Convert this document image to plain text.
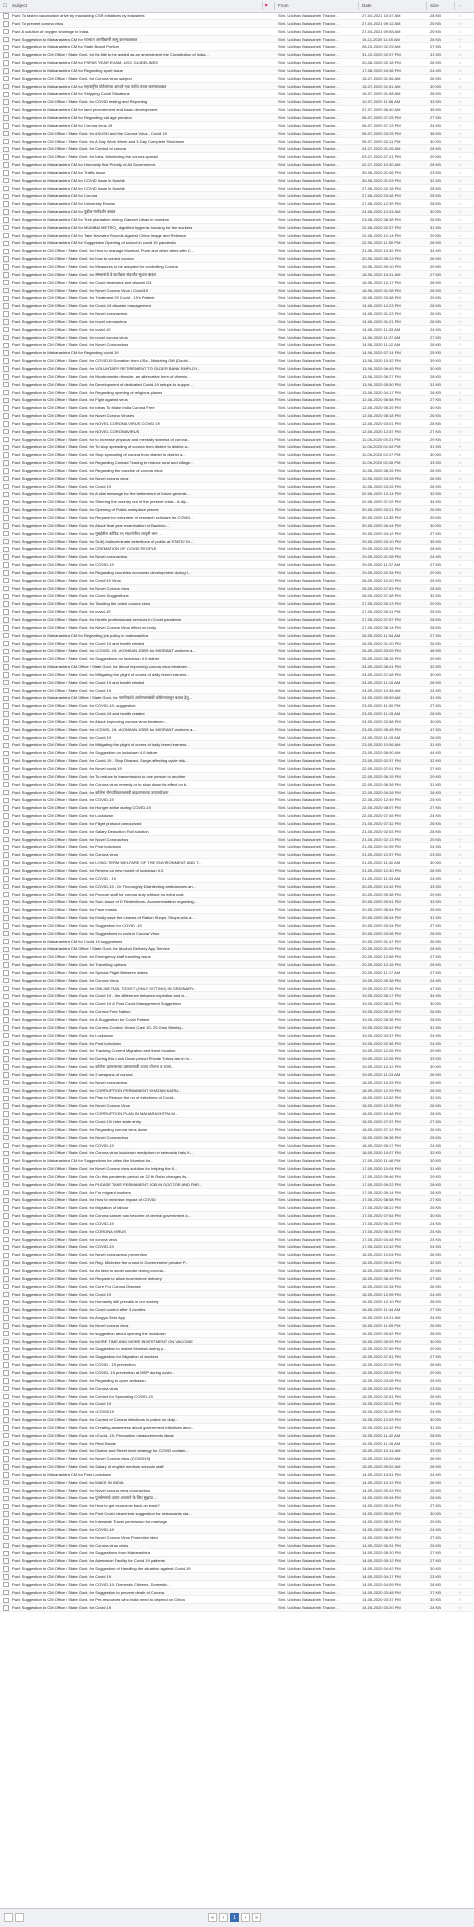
☐ Subject	⚑ From	Date	Size	☆
Fwd: To fasten vaccination drive by mandating CSR initiatives by industries	Shri. Uddhav Balasaheb Thacke...	27-04-2021 10:47 AM	28 KB	☆
Fwd: To prevent corona virus	Shri. Uddhav Balasaheb Thacke...	27-04-2021 09:12 AM	25 KB	☆
Fwd: A solution of oxygen shortage in India.	Shri. Uddhav Balasaheb Thacke...	27-04-2021 09:58 AM	29 KB	☆
Fwd: Suggestion to Maharashtra CM for राज्यात आणीबाणी लागू करण्याबाबत	Shri. Uddhav Balasaheb Thacke...	15-11-2020 11:45 AM	28 KB	☆
Fwd: Suggestion to Maharashtra CM for State Board Portion	Shri. Uddhav Balasaheb Thacke...	28-10-2020 02:29 AM	27 KB	☆
Fwd: Suggestion to CM Office / State Govt. for Its title to be added as an amendment the Constitution of India...	Shri. Uddhav Balasaheb Thacke...	31-10-2020 02:07 PM	31 KB	☆
Fwd: Suggestion to Maharashtra CM for FSPAS YEAR EXAM- UGC GUIDELINES	Shri. Uddhav Balasaheb Thacke...	20-08-2020 02:18 PM	28 KB	☆
Fwd: Suggestion to Maharashtra CM for Regarding sport issue	Shri. Uddhav Balasaheb Thacke...	17-08-2020 04:36 PM	24 KB	☆
Fwd: Suggestion to CM Office / State Govt. for Corona virus subject	Shri. Uddhav Balasaheb Thacke...	15-07-2020 01:56 AM	26 KB	☆
Fwd: Suggestion to Maharashtra CM for महाराष्ट्रीय पोर्टलांच्या आधारे एक पर्याय तयार करण्याबाबत	Shri. Uddhav Balasaheb Thacke...	15-07-2020 01:51 AM	30 KB	☆
Fwd: Suggestion to Maharashtra CM for Shipping Covid Situations	Shri. Uddhav Balasaheb Thacke...	15-07-2020 01:58 AM	28 KB	☆
Fwd: Suggestion to CM Office / State Govt. for COVID testing and Reporting	Shri. Uddhav Balasaheb Thacke...	10-07-2020 11:56 AM	33 KB	☆
Fwd: Suggestion to Maharashtra CM for land procurement and basic development	Shri. Uddhav Balasaheb Thacke...	07-07-2020 06:40 AM	35 KB	☆
Fwd: Suggestion to Maharashtra CM for Regarding old age pension	Shri. Uddhav Balasaheb Thacke...	06-07-2020 07:25 PM	27 KB	☆
Fwd: Suggestion to Maharashtra CM for Corona virus 19	Shri. Uddhav Balasaheb Thacke...	06-07-2020 07:13 PM	24 KB	☆
Fwd: Suggestion to CM Office / State Govt. for #XUSH and the Corona Virus - Covid 19	Shri. Uddhav Balasaheb Thacke...	05-07-2020 03:25 PM	38 KB	☆
Fwd: Suggestion to CM Office / State Govt. for A Day Work Week and 3-Day Complete Shutdown	Shri. Uddhav Balasaheb Thacke...	05-07-2020 02:11 PM	30 KB	☆
Fwd: Suggestion to CM Office / State Govt. for Control of corona	Shri. Uddhav Balasaheb Thacke...	04-07-2020 01:26 AM	28 KB	☆
Fwd: Suggestion to CM Office / State Govt. for Idea- Minimizing the corona spread	Shri. Uddhav Balasaheb Thacke...	03-07-2020 07:21 PM	29 KB	☆
Fwd: Suggestion to Maharashtra CM for Humanity first Priority of All Government.	Shri. Uddhav Balasaheb Thacke...	02-07-2020 10:30 AM	28 KB	☆
Fwd: Suggestion to Maharashtra CM for Traffic issue	Shri. Uddhav Balasaheb Thacke...	30-06-2020 01:06 PM	23 KB	☆
Fwd: Suggestion to Maharashtra CM for COVID issue in Nashik	Shri. Uddhav Balasaheb Thacke...	30-06-2020 01:03 PM	32 KB	☆
Fwd: Suggestion to Maharashtra CM for COVID issue in Nashik	Shri. Uddhav Balasaheb Thacke...	27-06-2020 02:18 PM	28 KB	☆
Fwd: Suggestion to Maharashtra CM for Corona	Shri. Uddhav Balasaheb Thacke...	27-06-2020 03:46 PM	25 KB	☆
Fwd: Suggestion to Maharashtra CM for University Exams	Shri. Uddhav Balasaheb Thacke...	27-06-2020 12:39 PM	28 KB	☆
Fwd: Suggestion to Maharashtra CM for पुढील मार्गदर्शन बाबत	Shri. Uddhav Balasaheb Thacke...	24-06-2020 12:44 AM	30 KB	☆
Fwd: Suggestion to Maharashtra CM for Tree plantation during Ganesh Utsav in mumbai	Shri. Uddhav Balasaheb Thacke...	23-06-2020 08:38 PM	26 KB	☆
Fwd: Suggestion to Maharashtra CM for MUMBAI METRO_ dignified hygienic housing for the workers	Shri. Uddhav Balasaheb Thacke...	22-06-2020 02:37 PM	31 KB	☆
Fwd: Suggestion to Maharashtra CM for Take Navratra Rounds Against China Image and Reliance	Shri. Uddhav Balasaheb Thacke...	22-06-2020 12:14 PM	29 KB	☆
Fwd: Suggestion to Maharashtra CM for Suggestion Opening of school in covid 19 pandemic	Shri. Uddhav Balasaheb Thacke...	22-06-2020 11:50 PM	28 KB	☆
Fwd: Suggestion to CM Office / State Govt. for How to manage Mumbai, Pune and other cities with C...	Shri. Uddhav Balasaheb Thacke...	21-06-2020 10:32 PM	34 KB	☆
Fwd: Suggestion to CM Office / State Govt. for how to control corona	Shri. Uddhav Balasaheb Thacke...	20-06-2020 09:13 PM	26 KB	☆
Fwd: Suggestion to CM Office / State Govt. for Measures to be adopted for controlling Corona	Shri. Uddhav Balasaheb Thacke...	19-06-2020 09:10 PM	29 KB	☆
Fwd: Suggestion to CM Office / State Govt. for संस्थानांचे वे कार्यक्रम संदर्भात सूचना बाबत	Shri. Uddhav Balasaheb Thacke...	18-06-2020 10:41 AM	27 KB	☆
Fwd: Suggestion to CM Office / State Govt. for Covid treatment and vitamin D3	Shri. Uddhav Balasaheb Thacke...	16-06-2020 12:17 PM	28 KB	☆
Fwd: Suggestion to CM Office / State Govt. for Novel Corona Virus / Covid19	Shri. Uddhav Balasaheb Thacke...	16-06-2020 01:08 PM	28 KB	☆
Fwd: Suggestion to CM Office / State Govt. for Treatment Of Covid - 19's Patient	Shri. Uddhav Balasaheb Thacke...	15-06-2020 03:38 PM	29 KB	☆
Fwd: Suggestion to CM Office / State Govt. for Covid-19 disaster management	Shri. Uddhav Balasaheb Thacke...	14-06-2020 12:23 PM	28 KB	☆
Fwd: Suggestion to CM Office / State Govt. for Novel coronavirus	Shri. Uddhav Balasaheb Thacke...	14-06-2020 01:23 PM	26 KB	☆
Fwd: Suggestion to CM Office / State Govt. for novel coronavirus	Shri. Uddhav Balasaheb Thacke...	14-06-2020 01:21 PM	26 KB	☆
Fwd: Suggestion to CM Office / State Govt. for covid-19	Shri. Uddhav Balasaheb Thacke...	14-06-2020 11:33 AM	24 KB	☆
Fwd: Suggestion to CM Office / State Govt. for novel corona virus	Shri. Uddhav Balasaheb Thacke...	14-06-2020 11:27 AM	27 KB	☆
Fwd: Suggestion to CM Office / State Govt. for Novel Coronavirus	Shri. Uddhav Balasaheb Thacke...	14-06-2020 11:12 AM	28 KB	☆
Fwd: Suggestion to Maharashtra CM for Regarding covid 19	Shri. Uddhav Balasaheb Thacke...	14-06-2020 07:14 PM	25 KB	☆
Fwd: Suggestion to CM Office / State Govt. for COVID19 Donation from USa - Matching Gift (Doubl...	Shri. Uddhav Balasaheb Thacke...	13-06-2020 10:32 PM	39 KB	☆
Fwd: Suggestion to CM Office / State Govt. for VOLUNTARY RETIREMENT TO OLDER BANK EMPLOY...	Shri. Uddhav Balasaheb Thacke...	13-06-2020 06:49 PM	30 KB	☆
Fwd: Suggestion to CM Office / State Govt. for Nicotinamide riboside, an alternative form of vitamin...	Shri. Uddhav Balasaheb Thacke...	13-06-2020 06:27 PM	28 KB	☆
Fwd: Suggestion to CM Office / State Govt. for Development of dedicated Covid-19 setups to suppor...	Shri. Uddhav Balasaheb Thacke...	13-06-2020 05:50 PM	31 KB	☆
Fwd: Suggestion to CM Office / State Govt. for Regarding opening of religious places	Shri. Uddhav Balasaheb Thacke...	13-06-2020 04:17 PM	26 KB	☆
Fwd: Suggestion to CM Office / State Govt. for Fight against virus	Shri. Uddhav Balasaheb Thacke...	12-06-2020 06:58 PM	27 KB	☆
Fwd: Suggestion to CM Office / State Govt. for Ideas To Make India Corona Free	Shri. Uddhav Balasaheb Thacke...	12-06-2020 06:25 PM	30 KB	☆
Fwd: Suggestion to CM Office / State Govt. for Novel Corona Viruses	Shri. Uddhav Balasaheb Thacke...	12-06-2020 08:18 PM	26 KB	☆
Fwd: Suggestion to CM Office / State Govt. for NOVEL CORONA VIRUS COVID 19	Shri. Uddhav Balasaheb Thacke...	12-06-2020 03:01 PM	28 KB	☆
Fwd: Suggestion to CM Office / State Govt. for NOVEL CORONAVIRUS	Shri. Uddhav Balasaheb Thacke...	12-06-2020 12:37 PM	27 KB	☆
Fwd: Suggestion to CM Office / State Govt. for to increase physical and mentally stamina of corona...	Shri. Uddhav Balasaheb Thacke...	11-06-2020 05:21 PM	29 KB	☆
Fwd: Suggestion to CM Office / State Govt. for To stop spreading of corona from district to district a...	Shri. Uddhav Balasaheb Thacke...	11-06-2020 04:34 PM	31 KB	☆
Fwd: Suggestion to CM Office / State Govt. for Stop spreading of corona from district to district a...	Shri. Uddhav Balasaheb Thacke...	11-06-2020 04:17 PM	30 KB	☆
Fwd: Suggestion to CM Office / State Govt. for Regarding Contact Tracing to reduce rural and village...	Shri. Uddhav Balasaheb Thacke...	11-06-2020 02:26 PM	33 KB	☆
Fwd: Suggestion to CM Office / State Govt. for Regarding the vaccine of corona virus	Shri. Uddhav Balasaheb Thacke...	10-06-2020 08:26 PM	28 KB	☆
Fwd: Suggestion to CM Office / State Govt. for Novel corona virus	Shri. Uddhav Balasaheb Thacke...	10-06-2020 04:28 PM	26 KB	☆
Fwd: Suggestion to CM Office / State Govt. for Covid 19	Shri. Uddhav Balasaheb Thacke...	10-06-2020 03:26 PM	28 KB	☆
Fwd: Suggestion to CM Office / State Govt. for A vital message for the betterment of future generat...	Shri. Uddhav Balasaheb Thacke...	02-06-2020 12:14 PM	32 KB	☆
Fwd: Suggestion to CM Office / State Govt. for Steering the country out of the present crisis - A dip...	Shri. Uddhav Balasaheb Thacke...	02-06-2020 07:02 PM	34 KB	☆
Fwd: Suggestion to CM Office / State Govt. for Opening of Public workplace places	Shri. Uddhav Balasaheb Thacke...	30-05-2020 03:21 PM	26 KB	☆
Fwd: Suggestion to CM Office / State Govt. for Request for volunteer of research scholars for COVID...	Shri. Uddhav Balasaheb Thacke...	30-05-2020 12:35 PM	29 KB	☆
Fwd: Suggestion to CM Office / State Govt. for About final year examination of Bachelo...	Shri. Uddhav Balasaheb Thacke...	30-05-2020 06:44 PM	30 KB	☆
Fwd: Suggestion to CM Office / State Govt. for मुंबईतील कोविड १९ संदर्भातील जागृती भाग ...	Shri. Uddhav Balasaheb Thacke...	29-05-2020 04:12 PM	27 KB	☆
Fwd: Suggestion to CM Office / State Govt. for SUb) Indiscriminate detentions of public at STATE/ DI...	Shri. Uddhav Balasaheb Thacke...	29-05-2020 03:10 PM	35 KB	☆
Fwd: Suggestion to CM Office / State Govt. for CREMATION OF COVID PEOPLE	Shri. Uddhav Balasaheb Thacke...	29-05-2020 02:26 PM	28 KB	☆
Fwd: Suggestion to CM Office / State Govt. for Novel coronavirus	Shri. Uddhav Balasaheb Thacke...	29-05-2020 01:08 PM	24 KB	☆
Fwd: Suggestion to CM Office / State Govt. for COVID-19	Shri. Uddhav Balasaheb Thacke...	29-05-2020 11:37 AM	27 KB	☆
Fwd: Suggestion to CM Office / State Govt. for Regarding countries economic development during t...	Shri. Uddhav Balasaheb Thacke...	29-05-2020 02:34 PM	29 KB	☆
Fwd: Suggestion to CM Office / State Govt. for Covid'19 Virus	Shri. Uddhav Balasaheb Thacke...	28-05-2020 10:20 PM	25 KB	☆
Fwd: Suggestion to CM Office / State Govt. for Novel Corona virus	Shri. Uddhav Balasaheb Thacke...	28-05-2020 07:53 PM	28 KB	☆
Fwd: Suggestion to CM Office / State Govt. for Covid Suggestions	Shri. Uddhav Balasaheb Thacke...	28-05-2020 07:48 PM	32 KB	☆
Fwd: Suggestion to CM Office / State Govt. for Tackling the nobel corona virus	Shri. Uddhav Balasaheb Thacke...	27-05-2020 09:13 PM	29 KB	☆
Fwd: Suggestion to CM Office / State Govt. for covid-19	Shri. Uddhav Balasaheb Thacke...	27-05-2020 09:11 PM	25 KB	☆
Fwd: Suggestion to CM Office / State Govt. for Health professionals services in Covid pandemic	Shri. Uddhav Balasaheb Thacke...	27-05-2020 07:57 PM	28 KB	☆
Fwd: Suggestion to CM Office / State Govt. for Novel Corona Virus effect on body	Shri. Uddhav Balasaheb Thacke...	27-05-2020 06:14 PM	28 KB	☆
Fwd: Suggestion to Maharashtra CM for Regarding job policy in maharashtra	Shri. Uddhav Balasaheb Thacke...	26-05-2020 11:54 AM	27 KB	☆
Fwd: Suggestion to CM Office / State Govt. for Covid 19 and health related	Shri. Uddhav Balasaheb Thacke...	26-05-2020 01:20 PM	26 KB	☆
Fwd: Suggestion to CM Office / State Govt. for •COVID- 19- •KONKAN JOBS for MIGRANT workers a...	Shri. Uddhav Balasaheb Thacke...	26-05-2020 03:09 PM	48 KB	☆
Fwd: Suggestion to CM Office / State Govt. for Suggestions on lockdown 4.0 failure	Shri. Uddhav Balasaheb Thacke...	25-05-2020 08:16 PM	29 KB	☆
Fwd: Suggestion to Maharashtra CM Office / State Govt. for About improving corona virus treatmen...	Shri. Uddhav Balasaheb Thacke...	24-05-2020 08:41 PM	32 KB	☆
Fwd: Suggestion to CM Office / State Govt. for Mitigating the plight of crores of daily breed earners...	Shri. Uddhav Balasaheb Thacke...	24-05-2020 07:48 PM	30 KB	☆
Fwd: Suggestion to CM Office / State Govt. for Covid 19 and health related	Shri. Uddhav Balasaheb Thacke...	24-05-2020 11:15 AM	28 KB	☆
Fwd: Suggestion to CM Office / State Govt. for Covid 19	Shri. Uddhav Balasaheb Thacke...	24-05-2020 10:38 AM	24 KB	☆
Fwd: Suggestion to Maharashtra CM Office / State Govt. for नागरिकांचे आरोग्यासंबंधी कोरोनापासून बचाव हेतू...	Shri. Uddhav Balasaheb Thacke...	24-05-2020 09:59 AM	31 KB	☆
Fwd: Suggestion to CM Office / State Govt. for COVID-19- suggestion	Shri. Uddhav Balasaheb Thacke...	23-05-2020 11:00 PM	27 KB	☆
Fwd: Suggestion to CM Office / State Govt. for Covid-19 and health related	Shri. Uddhav Balasaheb Thacke...	23-05-2020 11:15 AM	28 KB	☆
Fwd: Suggestion to CM Office / State Govt. for About improving corona virus treatmen...	Shri. Uddhav Balasaheb Thacke...	24-05-2020 02:58 PM	30 KB	☆
Fwd: Suggestion to CM Office / State Govt. for •COVID- 19- •KONKAN JOBS for MIGRANT workers a...	Shri. Uddhav Balasaheb Thacke...	23-05-2020 05:45 PM	47 KB	☆
Fwd: Suggestion to CM Office / State Govt. for Covid 19	Shri. Uddhav Balasaheb Thacke...	24-05-2020 11:15 AM	26 KB	☆
Fwd: Suggestion to CM Office / State Govt. for Mitigating the plight of crores of daily breed earners...	Shri. Uddhav Balasaheb Thacke...	23-05-2020 10:56 AM	31 KB	☆
Fwd: Suggestion to CM Office / State Govt. for Suggestion on lockdown 4.0 failure	Shri. Uddhav Balasaheb Thacke...	23-05-2020 08:00 AM	44 KB	☆
Fwd: Suggestion to CM Office / State Govt. for Covid-19 - Stop Dharavi, Surge-affecting cycle risk...	Shri. Uddhav Balasaheb Thacke...	23-05-2020 02:37 PM	32 KB	☆
Fwd: Suggestion to CM Office / State Govt. for Novel covid-19	Shri. Uddhav Balasaheb Thacke...	22-05-2020 07:01 PM	27 KB	☆
Fwd: Suggestion to CM Office / State Govt. for To reduce to transmission to one person to another	Shri. Uddhav Balasaheb Thacke...	22-05-2020 06:15 PM	29 KB	☆
Fwd: Suggestion to CM Office / State Govt. for Corona virus remedy or to slow down its effect on b...	Shri. Uddhav Balasaheb Thacke...	22-05-2020 06:38 PM	31 KB	☆
Fwd: Suggestion to CM Office / State Govt. for कोरोना रोगप्रतिकारशक्ती वाढवण्याच्या उपाययोजना	Shri. Uddhav Balasaheb Thacke...	22-05-2020 04:28 PM	28 KB	☆
Fwd: Suggestion to CM Office / State Govt. for COVID-19	Shri. Uddhav Balasaheb Thacke...	22-05-2020 12:49 PM	25 KB	☆
Fwd: Suggestion to CM Office / State Govt. for Hunger strike during COVID-19	Shri. Uddhav Balasaheb Thacke...	22-05-2020 08:07 PM	27 KB	☆
Fwd: Suggestion to CM Office / State Govt. for Lockdown	Shri. Uddhav Balasaheb Thacke...	22-05-2020 07:45 PM	24 KB	☆
Fwd: Suggestion to CM Office / State Govt. for Flight protocol announced	Shri. Uddhav Balasaheb Thacke...	21-05-2020 07:32 PM	26 KB	☆
Fwd: Suggestion to CM Office / State Govt. for Salary Deduction Roll solution	Shri. Uddhav Balasaheb Thacke...	21-05-2020 02:53 PM	28 KB	☆
Fwd: Suggestion to CM Office / State Govt. for Novel Coronavirus	Shri. Uddhav Balasaheb Thacke...	21-05-2020 02:13 PM	25 KB	☆
Fwd: Suggestion to CM Office / State Govt. for Post lockdown	Shri. Uddhav Balasaheb Thacke...	21-05-2020 01:05 PM	24 KB	☆
Fwd: Suggestion to CM Office / State Govt. for Corona virus	Shri. Uddhav Balasaheb Thacke...	21-05-2020 12:57 PM	23 KB	☆
Fwd: Suggestion to CM Office / State Govt. for LONG-TERM WELFARE OF THE ENVIRONMENT AND T...	Shri. Uddhav Balasaheb Thacke...	21-05-2020 11:40 AM	30 KB	☆
Fwd: Suggestion to CM Office / State Govt. for Review on new model of lockdown 4.0	Shri. Uddhav Balasaheb Thacke...	21-05-2020 12:40 PM	28 KB	☆
Fwd: Suggestion to CM Office / State Govt. for COVID - 19	Shri. Uddhav Balasaheb Thacke...	21-05-2020 11:03 AM	24 KB	☆
Fwd: Suggestion to CM Office / State Govt. for COVID-19 - Dr Thoroughly Disinfecting ambulances an...	Shri. Uddhav Balasaheb Thacke...	20-05-2020 10:42 PM	33 KB	☆
Fwd: Suggestion to CM Office / State Govt. for Procure staff for corona duty without no extra cost.	Shri. Uddhav Balasaheb Thacke...	20-05-2020 09:38 PM	29 KB	☆
Fwd: Suggestion to CM Office / State Govt. for Sub:-Issue of D Restrictions- Accommodation regarding...	Shri. Uddhav Balasaheb Thacke...	20-05-2020 09:51 PM	33 KB	☆
Fwd: Suggestion to CM Office / State Govt. for Face masks	Shri. Uddhav Balasaheb Thacke...	20-05-2020 06:54 PM	25 KB	☆
Fwd: Suggestion to CM Office / State Govt. for Kindly save the Leaves of Ration Shops, Shops who a...	Shri. Uddhav Balasaheb Thacke...	20-05-2020 05:34 PM	31 KB	☆
Fwd: Suggestion to CM Office / State Govt. for Suggestion for COVID -19	Shri. Uddhav Balasaheb Thacke...	20-05-2020 03:34 PM	27 KB	☆
Fwd: Suggestion to CM Office / State Govt. for Suggestions to control Corona Virus	Shri. Uddhav Balasaheb Thacke...	20-05-2020 03:06 PM	28 KB	☆
Fwd: Suggestion to Maharashtra CM for Covid 19 suggestions	Shri. Uddhav Balasaheb Thacke...	20-05-2020 01:47 PM	26 KB	☆
Fwd: Suggestion to Maharashtra CM Office / State Govt. for Alcohol Delivery App Service	Shri. Uddhav Balasaheb Thacke...	20-05-2020 01:09 PM	28 KB	☆
Fwd: Suggestion to CM Office / State Govt. for Emergency staff traveling issue	Shri. Uddhav Balasaheb Thacke...	20-05-2020 12:58 PM	27 KB	☆
Fwd: Suggestion to CM Office / State Govt. for Travelling options	Shri. Uddhav Balasaheb Thacke...	20-05-2020 12:16 PM	25 KB	☆
Fwd: Suggestion to CM Office / State Govt. for Special Flight Between states	Shri. Uddhav Balasaheb Thacke...	20-05-2020 11:17 AM	27 KB	☆
Fwd: Suggestion to CM Office / State Govt. for Corona Virus	Shri. Uddhav Balasaheb Thacke...	19-05-2020 09:38 PM	24 KB	☆
Fwd: Suggestion to CM Office / State Govt. for ONLINE RAIL TICKET (ONLY SITTING) IN ORDINARY...	Shri. Uddhav Balasaheb Thacke...	19-05-2020 07:36 PM	47 KB	☆
Fwd: Suggestion to CM Office / State Govt. for Covid 19 - the difference between expertise and vi...	Shri. Uddhav Balasaheb Thacke...	19-05-2020 06:17 PM	34 KB	☆
Fwd: Suggestion to CM Office / State Govt. for Covid 19 & Post Covid Management Suggestion	Shri. Uddhav Balasaheb Thacke...	19-05-2020 06:01 PM	30 KB	☆
Fwd: Suggestion to CM Office / State Govt. for Corona Free Nation	Shri. Uddhav Balasaheb Thacke...	19-05-2020 05:49 PM	26 KB	☆
Fwd: Suggestion to CM Office / State Govt. for A Suggestion for Covid Patient	Shri. Uddhav Balasaheb Thacke...	19-05-2020 05:36 PM	28 KB	☆
Fwd: Suggestion to CM Office / State Govt. for Corona Control: Home Care 10- 20 Gms Weekly...	Shri. Uddhav Balasaheb Thacke...	19-05-2020 05:42 PM	31 KB	☆
Fwd: Suggestion to CM Office / State Govt. for Lockdown	Shri. Uddhav Balasaheb Thacke...	19-05-2020 03:37 PM	24 KB	☆
Fwd: Suggestion to CM Office / State Govt. for Post lockdown	Shri. Uddhav Balasaheb Thacke...	19-05-2020 02:36 PM	24 KB	☆
Fwd: Suggestion to CM Office / State Govt. for Tracking Current Migration and there location	Shri. Uddhav Balasaheb Thacke...	19-05-2020 12:26 PM	29 KB	☆
Fwd: Suggestion to CM Office / State Govt. for During this Lock Down period Private Tutors are in m...	Shri. Uddhav Balasaheb Thacke...	19-05-2020 12:26 PM	33 KB	☆
Fwd: Suggestion to CM Office / State Govt. for कोरोना व्हायरसच्या प्रसारासाठी उपाय योजना व उपाय...	Shri. Uddhav Balasaheb Thacke...	19-05-2020 12:12 PM	30 KB	☆
Fwd: Suggestion to CM Office / State Govt. for 2 weapons of corona	Shri. Uddhav Balasaheb Thacke...	19-05-2020 11:23 AM	26 KB	☆
Fwd: Suggestion to CM Office / State Govt. for Novel coronavirus	Shri. Uddhav Balasaheb Thacke...	18-05-2020 10:25 PM	25 KB	☆
Fwd: Suggestion to CM Office / State Govt. for CORRUPTION PERMANENT KHATAM KARN...	Shri. Uddhav Balasaheb Thacke...	18-05-2020 12:29 PM	28 KB	☆
Fwd: Suggestion to CM Office / State Govt. for Plan to Reduce the no of infections of Covid...	Shri. Uddhav Balasaheb Thacke...	18-05-2020 12:52 PM	32 KB	☆
Fwd: Suggestion to CM Office / State Govt. for Novel Corona Virus	Shri. Uddhav Balasaheb Thacke...	18-05-2020 12:35 PM	26 KB	☆
Fwd: Suggestion to CM Office / State Govt. for CORRUPTION PLAN IN MAHARASHTRA M...	Shri. Uddhav Balasaheb Thacke...	18-05-2020 10:48 PM	28 KB	☆
Fwd: Suggestion to CM Office / State Govt. for Covid 19/ rider state entry	Shri. Uddhav Balasaheb Thacke...	18-05-2020 07:37 PM	27 KB	☆
Fwd: Suggestion to CM Office / State Govt. for Regarding corona virus down	Shri. Uddhav Balasaheb Thacke...	18-05-2020 07:12 PM	26 KB	☆
Fwd: Suggestion to CM Office / State Govt. for Novel Coronavirus	Shri. Uddhav Balasaheb Thacke...	18-05-2020 06:36 PM	25 KB	☆
Fwd: Suggestion to CM Office / State Govt. for COVID-19	Shri. Uddhav Balasaheb Thacke...	18-05-2020 06:17 PM	24 KB	☆
Fwd: Suggestion to CM Office / State Govt. for Corona virus lockdown mediphum in selecada Halu K...	Shri. Uddhav Balasaheb Thacke...	18-05-2020 10:07 PM	32 KB	☆
Fwd: Suggestion to Maharashtra CM for Suggestions for cities like Mumbai for...	Shri. Uddhav Balasaheb Thacke...	17-05-2020 11:48 PM	30 KB	☆
Fwd: Suggestion to CM Office / State Govt. for Novel Corona virus solution for helping the fi...	Shri. Uddhav Balasaheb Thacke...	17-05-2020 10:04 PM	31 KB	☆
Fwd: Suggestion to CM Office / State Govt. for On this pandemic period on 22 th Rahu changes its...	Shri. Uddhav Balasaheb Thacke...	17-05-2020 09:46 PM	29 KB	☆
Fwd: Suggestion to CM Office / State Govt. for PLEASE TAKE PERMANENT JOB IN DOCTOR AND PAR...	Shri. Uddhav Balasaheb Thacke...	17-05-2020 09:22 PM	28 KB	☆
Fwd: Suggestion to CM Office / State Govt. for For migrant workers	Shri. Uddhav Balasaheb Thacke...	17-05-2020 09:14 PM	26 KB	☆
Fwd: Suggestion to CM Office / State Govt. for How to minimise impact of COVID	Shri. Uddhav Balasaheb Thacke...	17-05-2020 08:58 PM	27 KB	☆
Fwd: Suggestion to CM Office / State Govt. for Migration of labour	Shri. Uddhav Balasaheb Thacke...	17-05-2020 08:22 PM	25 KB	☆
Fwd: Suggestion to CM Office / State Govt. for Corona cancer can become of central government a...	Shri. Uddhav Balasaheb Thacke...	17-05-2020 07:54 PM	30 KB	☆
Fwd: Suggestion to CM Office / State Govt. for COVID-19	Shri. Uddhav Balasaheb Thacke...	17-05-2020 06:15 PM	24 KB	☆
Fwd: Suggestion to CM Office / State Govt. for CORONA VIRUS	Shri. Uddhav Balasaheb Thacke...	17-05-2020 05:03 PM	24 KB	☆
Fwd: Suggestion to CM Office / State Govt. for corona virus	Shri. Uddhav Balasaheb Thacke...	17-05-2020 04:48 PM	24 KB	☆
Fwd: Suggestion to CM Office / State Govt. for COVID-19	Shri. Uddhav Balasaheb Thacke...	17-05-2020 12:42 PM	24 KB	☆
Fwd: Suggestion to CM Office / State Govt. for Novel coronavirus prevention	Shri. Uddhav Balasaheb Thacke...	16-05-2020 10:04 PM	26 KB	☆
Fwd: Suggestion to CM Office / State Govt. for Reg. Minimize the crowd in Government/ private/ P...	Shri. Uddhav Balasaheb Thacke...	16-05-2020 09:40 PM	32 KB	☆
Fwd: Suggestion to CM Office / State Govt. for An idea to avoid suicide during corona...	Shri. Uddhav Balasaheb Thacke...	16-05-2020 08:55 PM	29 KB	☆
Fwd: Suggestion to CM Office / State Govt. for Request to allow ecommerce delivery	Shri. Uddhav Balasaheb Thacke...	16-05-2020 06:49 PM	27 KB	☆
Fwd: Suggestion to CM Office / State Govt. for Cure For Corona Disease	Shri. Uddhav Balasaheb Thacke...	16-05-2020 02:34 PM	26 KB	☆
Fwd: Suggestion to CM Office / State Govt. for Covid 19	Shri. Uddhav Balasaheb Thacke...	16-05-2020 12:55 PM	24 KB	☆
Fwd: Suggestion to CM Office / State Govt. for Humanity still prevails in our society	Shri. Uddhav Balasaheb Thacke...	16-05-2020 12:10 PM	28 KB	☆
Fwd: Suggestion to CM Office / State Govt. for Covid control after 3 months	Shri. Uddhav Balasaheb Thacke...	16-05-2020 11:44 AM	27 KB	☆
Fwd: Suggestion to CM Office / State Govt. for Arogya Setu App	Shri. Uddhav Balasaheb Thacke...	16-05-2020 10:21 AM	24 KB	☆
Fwd: Suggestion to CM Office / State Govt. for Novel corona virus	Shri. Uddhav Balasaheb Thacke...	15-05-2020 11:09 PM	26 KB	☆
Fwd: Suggestion to CM Office / State Govt. for suggestion about opening the lockdown	Shri. Uddhav Balasaheb Thacke...	15-05-2020 09:52 PM	28 KB	☆
Fwd: Suggestion to CM Office / State Govt. for MORE TIME AND MORE INVESTMENT ON VACCINE	Shri. Uddhav Balasaheb Thacke...	15-05-2020 09:09 PM	30 KB	☆
Fwd: Suggestion to CM Office / State Govt. for Suggestion to restart Mumbai during p...	Shri. Uddhav Balasaheb Thacke...	15-05-2020 07:59 PM	29 KB	☆
Fwd: Suggestion to CM Office / State Govt. for Suggestion for Migration of workers	Shri. Uddhav Balasaheb Thacke...	15-05-2020 07:51 PM	27 KB	☆
Fwd: Suggestion to CM Office / State Govt. for COVID - 19 prevention	Shri. Uddhav Balasaheb Thacke...	15-05-2020 07:09 PM	26 KB	☆
Fwd: Suggestion to CM Office / State Govt. for COVID- 19 prevention at MSP during covid...	Shri. Uddhav Balasaheb Thacke...	15-05-2020 03:09 PM	29 KB	☆
Fwd: Suggestion to CM Office / State Govt. for Regarding to open ambassu	Shri. Uddhav Balasaheb Thacke...	15-05-2020 03:08 PM	25 KB	☆
Fwd: Suggestion to CM Office / State Govt. for Corona virus	Shri. Uddhav Balasaheb Thacke...	15-05-2020 02:59 PM	23 KB	☆
Fwd: Suggestion to CM Office / State Govt. for Control for Spreading COVID-19	Shri. Uddhav Balasaheb Thacke...	15-05-2020 02:51 PM	26 KB	☆
Fwd: Suggestion to CM Office / State Govt. for Covid 19	Shri. Uddhav Balasaheb Thacke...	15-05-2020 02:01 PM	24 KB	☆
Fwd: Suggestion to CM Office / State Govt. for •COVID19	Shri. Uddhav Balasaheb Thacke...	15-05-2020 01:08 PM	24 KB	☆
Fwd: Suggestion to CM Office / State Govt. for Control of Corona infections in police on duty...	Shri. Uddhav Balasaheb Thacke...	15-05-2020 12:53 PM	30 KB	☆
Fwd: Suggestion to CM Office / State Govt. for Creating awareness about government initiatives amo...	Shri. Uddhav Balasaheb Thacke...	15-05-2020 12:42 PM	31 KB	☆
Fwd: Suggestion to CM Office / State Govt. for •Covid- 19- Precaution measurements ideas	Shri. Uddhav Balasaheb Thacke...	15-05-2020 11:42 AM	28 KB	☆
Fwd: Suggestion to CM Office / State Govt. for Real Estate	Shri. Uddhav Balasaheb Thacke...	15-05-2020 11:16 AM	24 KB	☆
Fwd: Suggestion to CM Office / State Govt. for District and Street level strategy for COVID contain...	Shri. Uddhav Balasaheb Thacke...	15-05-2020 10:14 AM	33 KB	☆
Fwd: Suggestion to CM Office / State Govt. for Novel Corona virus (COVID19)	Shri. Uddhav Balasaheb Thacke...	15-05-2020 10:09 AM	26 KB	☆
Fwd: Suggestion to CM Office / State Govt. for Salary of english medium schools staff	Shri. Uddhav Balasaheb Thacke...	15-05-2020 09:02 AM	28 KB	☆
Fwd: Suggestion to Maharashtra CM for Post Lockdown	Shri. Uddhav Balasaheb Thacke...	14-05-2020 10:51 PM	24 KB	☆
Fwd: Suggestion to CM Office / State Govt. for MAKE IN INDIA	Shri. Uddhav Balasaheb Thacke...	14-05-2020 10:12 PM	26 KB	☆
Fwd: Suggestion to CM Office / State Govt. for Novel corona virus coronavirus	Shri. Uddhav Balasaheb Thacke...	14-05-2020 09:43 PM	25 KB	☆
Fwd: Suggestion to CM Office / State Govt. for पुनर्वसनाचे उपाय अपनाने के लिए सुझाव ...	Shri. Uddhav Balasaheb Thacke...	14-05-2020 09:34 PM	28 KB	☆
Fwd: Suggestion to CM Office / State Govt. for How to get economic back on track?	Shri. Uddhav Balasaheb Thacke...	14-05-2020 09:24 PM	27 KB	☆
Fwd: Suggestion to CM Office / State Govt. for Post Covid clean/restr suggestion for restaurants sta...	Shri. Uddhav Balasaheb Thacke...	14-05-2020 09:08 PM	30 KB	☆
Fwd: Suggestion to CM Office / State Govt. for Interstate Travel permission for marriage	Shri. Uddhav Balasaheb Thacke...	14-05-2020 08:53 PM	29 KB	☆
Fwd: Suggestion to CM Office / State Govt. for COVID-19	Shri. Uddhav Balasaheb Thacke...	14-05-2020 08:47 PM	24 KB	☆
Fwd: Suggestion to CM Office / State Govt. for Novel Corona Virus Protection idea	Shri. Uddhav Balasaheb Thacke...	14-05-2020 06:59 PM	27 KB	☆
Fwd: Suggestion to CM Office / State Govt. for Corona virus crisis	Shri. Uddhav Balasaheb Thacke...	14-05-2020 06:31 PM	25 KB	☆
Fwd: Suggestion to CM Office / State Govt. for Suggestions from Maharashtra	Shri. Uddhav Balasaheb Thacke...	14-05-2020 05:20 PM	27 KB	☆
Fwd: Suggestion to CM Office / State Govt. for Admission Facility for Covid 19 patients	Shri. Uddhav Balasaheb Thacke...	14-05-2020 05:12 PM	27 KB	☆
Fwd: Suggestion to CM Office / State Govt. for Suggestion of Handling the situation against Covid-19	Shri. Uddhav Balasaheb Thacke...	14-05-2020 04:42 PM	30 KB	☆
Fwd: Suggestion to CM Office / State Govt. for Covid 19	Shri. Uddhav Balasaheb Thacke...	14-05-2020 04:17 PM	23 KB	☆
Fwd: Suggestion to CM Office / State Govt. for COVID-19- Domestic Citizens- Domestic...	Shri. Uddhav Balasaheb Thacke...	14-05-2020 04:09 PM	28 KB	☆
Fwd: Suggestion to CM Office / State Govt. for Suggestion to prevent death of Corona	Shri. Uddhav Balasaheb Thacke...	14-05-2020 03:48 PM	27 KB	☆
Fwd: Suggestion to CM Office / State Govt. for Pre-resources who India need to depend on China	Shri. Uddhav Balasaheb Thacke...	14-05-2020 03:37 PM	30 KB	☆
Fwd: Suggestion to CM Office / State Govt. for Covid 19	Shri. Uddhav Balasaheb Thacke...	14-05-2020 03:20 PM	24 KB	☆
«	‹	1	›	»
